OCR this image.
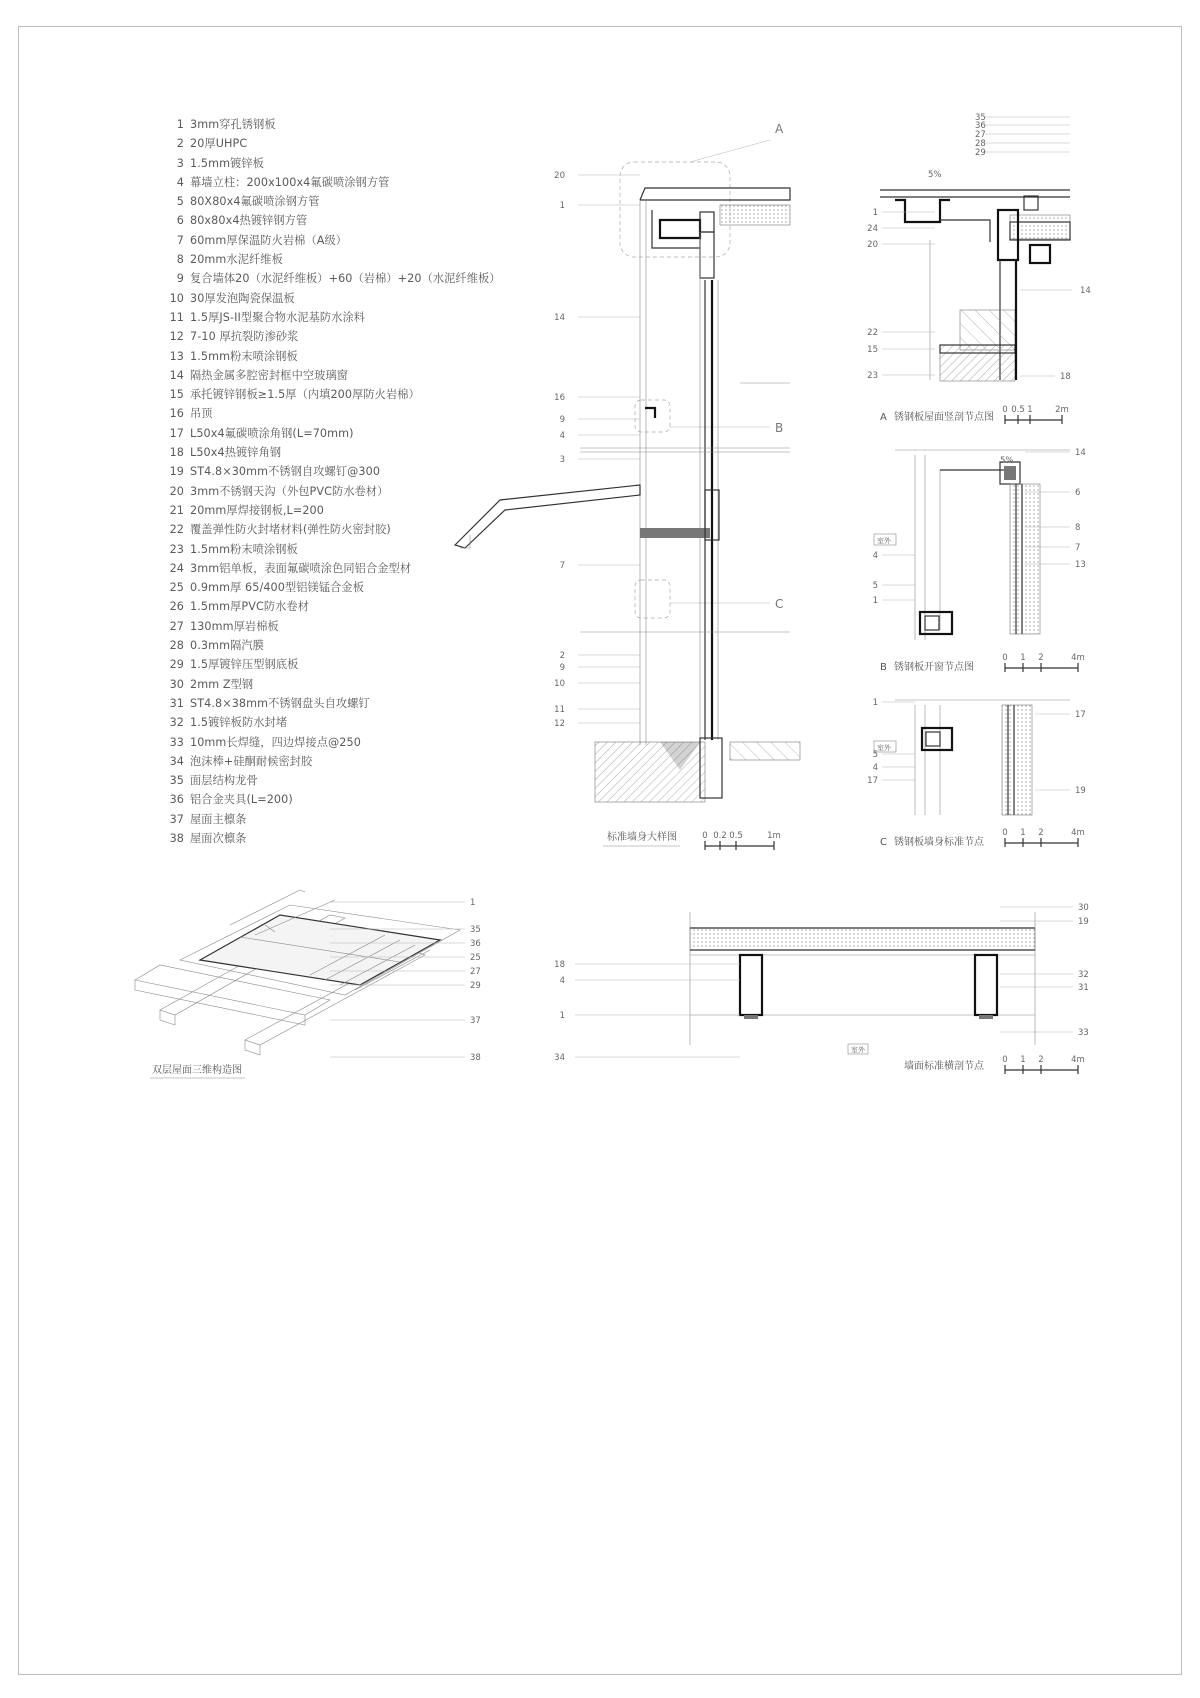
1 3mm穿孔锈钢板
2 20厚UHPC
3 1.5mm镀锌板
4 幕墙立柱：200x100x4氟碳喷涂钢方管
5 80X80x4氟碳喷涂钢方管
6 80x80x4热镀锌钢方管
7 60mm厚保温防火岩棉（A级）
8 20mm水泥纤维板
9 复合墙体20（水泥纤维板）+60（岩棉）+20（水泥纤维板）
10 30厚发泡陶瓷保温板
11 1.5厚JS-II型聚合物水泥基防水涂料
12 7-10 厚抗裂防渗砂浆
13 1.5mm粉末喷涂钢板
14 隔热金属多腔密封框中空玻璃窗
15 承托镀锌钢板≥1.5厚（内填200厚防火岩棉）
16 吊顶
17 L50x4氟碳喷涂角钢(L=70mm)
18 L50x4热镀锌角钢
19 ST4.8×30mm不锈钢自攻螺钉@300
20 3mm不锈钢天沟（外包PVC防水卷材）
21 20mm厚焊接钢板,L=200
22 覆盖弹性防火封堵材料(弹性防火密封胶)
23 1.5mm粉末喷涂钢板
24 3mm铝单板，表面氟碳喷涂色同铝合金型材
25 0.9mm厚 65/400型铝镁锰合金板
26 1.5mm厚PVC防水卷材
27 130mm厚岩棉板
28 0.3mm隔汽膜
29 1.5厚镀锌压型钢底板
30 2mm Z型钢
31 ST4.8×38mm不锈钢盘头自攻螺钉
32 1.5镀锌板防水封堵
33 10mm长焊缝，四边焊接点@250
34 泡沫棒+硅酮耐候密封胶
35 面层结构龙骨
36 铝合金夹具(L=200)
37 屋面主檩条
38 屋面次檩条
20
1
14
16
9
4
3
7
2
9
10
11
12
A
B
C
标准墙身大样图	0 0.2 0.5	1m
5%
35
36
27
28
29
1
24
20
22
15
23
14
18
A 锈钢板屋面竖剖节点图
0 0.5 1	2m
5%
室外
4
5
1
14
6
8
7
13
B 锈钢板开窗节点图
0 1 2	4m
室外
1
5
4
17
17
19
C 锈钢板墙身标准节点
0 1 2	4m
1
35
36
25
27
29
37
38
双层屋面三维构造图
室外
18
4
1
34
30
19
32
31
33
墙面标准横剖节点
0 1 2	4m
